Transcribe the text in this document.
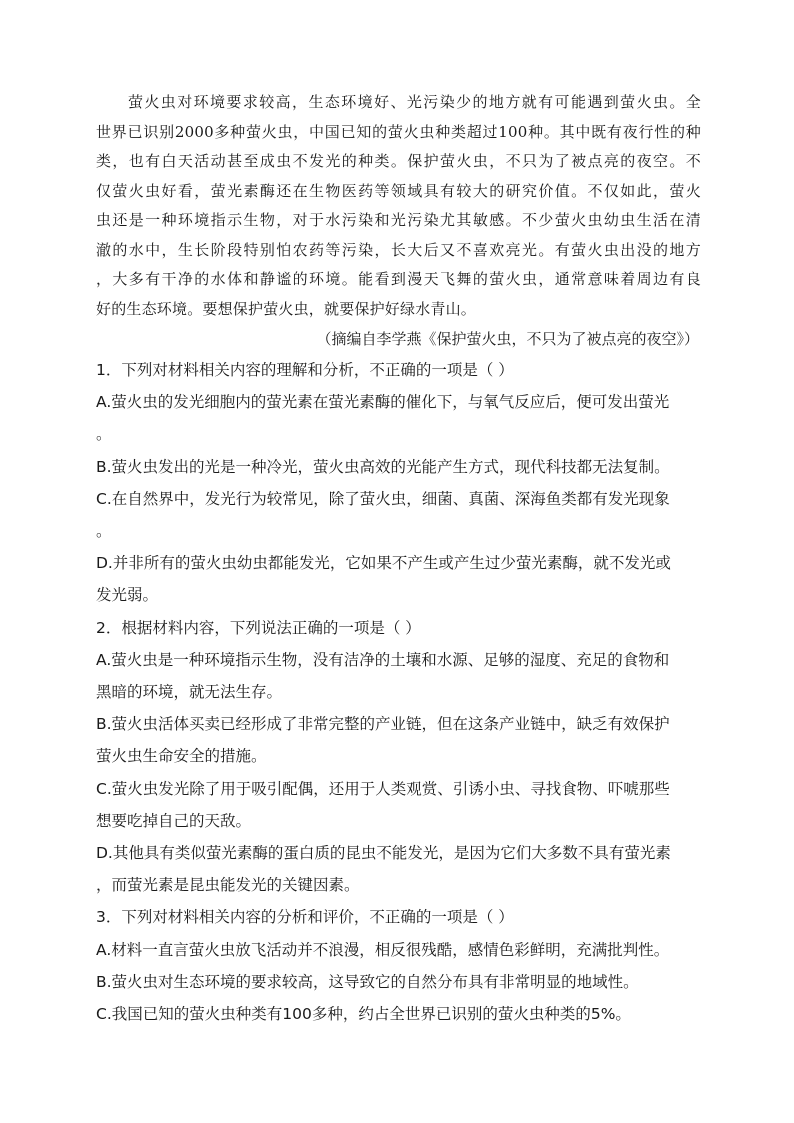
萤火虫对环境要求较高，生态环境好、光污染少的地方就有可能遇到萤火虫。全
世界已识别2000多种萤火虫，中国已知的萤火虫种类超过100种。其中既有夜行性的种
类，也有白天活动甚至成虫不发光的种类。保护萤火虫，不只为了被点亮的夜空。不
仅萤火虫好看，萤光素酶还在生物医药等领域具有较大的研究价值。不仅如此，萤火
虫还是一种环境指示生物，对于水污染和光污染尤其敏感。不少萤火虫幼虫生活在清
澈的水中，生长阶段特别怕农药等污染，长大后又不喜欢亮光。有萤火虫出没的地方
，大多有干净的水体和静谧的环境。能看到漫天飞舞的萤火虫，通常意味着周边有良
好的生态环境。要想保护萤火虫，就要保护好绿水青山。

（摘编自李学燕《保护萤火虫，不只为了被点亮的夜空》）

1．下列对材料相关内容的理解和分析，不正确的一项是（ ）
A.萤火虫的发光细胞内的萤光素在萤光素酶的催化下，与氧气反应后，便可发出萤光
。
B.萤火虫发出的光是一种冷光，萤火虫高效的光能产生方式，现代科技都无法复制。
C.在自然界中，发光行为较常见，除了萤火虫，细菌、真菌、深海鱼类都有发光现象
。
D.并非所有的萤火虫幼虫都能发光，它如果不产生或产生过少萤光素酶，就不发光或
发光弱。
2．根据材料内容，下列说法正确的一项是（ ）
A.萤火虫是一种环境指示生物，没有洁净的土壤和水源、足够的湿度、充足的食物和
黑暗的环境，就无法生存。
B.萤火虫活体买卖已经形成了非常完整的产业链，但在这条产业链中，缺乏有效保护
萤火虫生命安全的措施。
C.萤火虫发光除了用于吸引配偶，还用于人类观赏、引诱小虫、寻找食物、吓唬那些
想要吃掉自己的天敌。
D.其他具有类似萤光素酶的蛋白质的昆虫不能发光，是因为它们大多数不具有萤光素
，而萤光素是昆虫能发光的关键因素。
3．下列对材料相关内容的分析和评价，不正确的一项是（ ）
A.材料一直言萤火虫放飞活动并不浪漫，相反很残酷，感情色彩鲜明，充满批判性。
B.萤火虫对生态环境的要求较高，这导致它的自然分布具有非常明显的地域性。
C.我国已知的萤火虫种类有100多种，约占全世界已识别的萤火虫种类的5%。
